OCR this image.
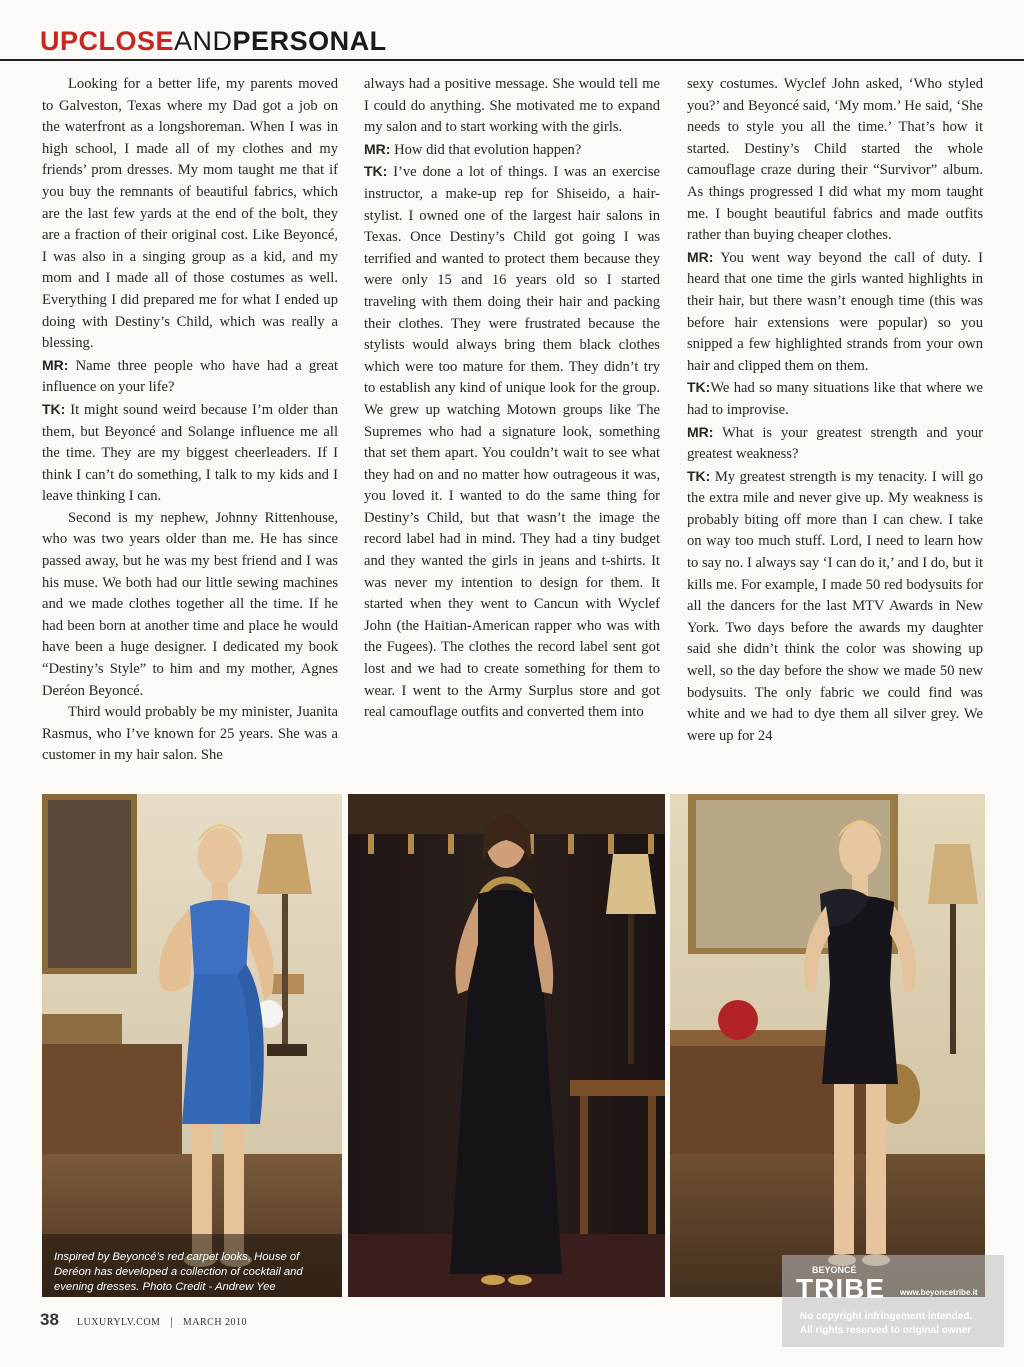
UPCLOSEANDPERSONAL

Looking for a better life, my parents moved to Galveston, Texas where my Dad got a job on the waterfront as a longshoreman. When I was in high school, I made all of my clothes and my friends’ prom dresses. My mom taught me that if you buy the remnants of beautiful fabrics, which are the last few yards at the end of the bolt, they are a fraction of their original cost. Like Beyoncé, I was also in a singing group as a kid, and my mom and I made all of those costumes as well. Everything I did prepared me for what I ended up doing with Destiny’s Child, which was really a blessing.

MR: Name three people who have had a great influence on your life?

TK: It might sound weird because I’m older than them, but Beyoncé and Solange influence me all the time. They are my biggest cheerleaders. If I think I can’t do something, I talk to my kids and I leave thinking I can.

Second is my nephew, Johnny Rittenhouse, who was two years older than me. He has since passed away, but he was my best friend and I was his muse. We both had our little sewing machines and we made clothes together all the time. If he had been born at another time and place he would have been a huge designer. I dedicated my book “Destiny’s Style” to him and my mother, Agnes Deréon Beyoncé.

Third would probably be my minister, Juanita Rasmus, who I’ve known for 25 years. She was a customer in my hair salon. She

always had a positive message. She would tell me I could do anything. She motivated me to expand my salon and to start working with the girls.

MR: How did that evolution happen?

TK: I’ve done a lot of things. I was an exercise instructor, a make-up rep for Shiseido, a hair-stylist. I owned one of the largest hair salons in Texas. Once Destiny’s Child got going I was terrified and wanted to protect them because they were only 15 and 16 years old so I started traveling with them doing their hair and packing their clothes. They were frustrated because the stylists would always bring them black clothes which were too mature for them. They didn’t try to establish any kind of unique look for the group. We grew up watching Motown groups like The Supremes who had a signature look, something that set them apart. You couldn’t wait to see what they had on and no matter how outrageous it was, you loved it. I wanted to do the same thing for Destiny’s Child, but that wasn’t the image the record label had in mind. They had a tiny budget and they wanted the girls in jeans and t-shirts. It was never my intention to design for them. It started when they went to Cancun with Wyclef John (the Haitian-American rapper who was with the Fugees). The clothes the record label sent got lost and we had to create something for them to wear. I went to the Army Surplus store and got real camouflage outfits and converted them into

sexy costumes. Wyclef John asked, ‘Who styled you?’ and Beyoncé said, ‘My mom.’ He said, ‘She needs to style you all the time.’ That’s how it started. Destiny’s Child started the whole camouflage craze during their “Survivor” album. As things progressed I did what my mom taught me. I bought beautiful fabrics and made outfits rather than buying cheaper clothes.

MR: You went way beyond the call of duty. I heard that one time the girls wanted highlights in their hair, but there wasn’t enough time (this was before hair extensions were popular) so you snipped a few highlighted strands from your own hair and clipped them on them.

TK:We had so many situations like that where we had to improvise.

MR: What is your greatest strength and your greatest weakness?

TK: My greatest strength is my tenacity. I will go the extra mile and never give up. My weakness is probably biting off more than I can chew. I take on way too much stuff. Lord, I need to learn how to say no. I always say ‘I can do it,’ and I do, but it kills me. For example, I made 50 red bodysuits for all the dancers for the last MTV Awards in New York. Two days before the awards my daughter said she didn’t think the color was showing up well, so the day before the show we made 50 new bodysuits. The only fabric we could find was white and we had to dye them all silver grey. We were up for 24

Inspired by Beyoncé’s red carpet looks, House of Deréon has developed a collection of cocktail and evening dresses. Photo Credit - Andrew Yee
38 LUXURYLV.COM | MARCH 2010
BEYONCÉ
TRIBE www.beyoncetribe.it
No copyright infringement intended.
All rights reserved to original owner
